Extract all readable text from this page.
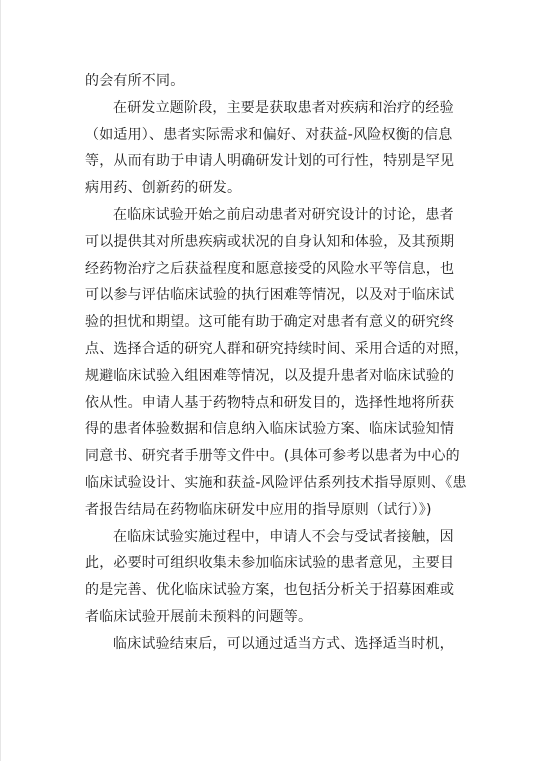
的会有所不同。

在研发立题阶段，主要是获取患者对疾病和治疗的经验
（如适用）、患者实际需求和偏好、对获益-风险权衡的信息
等，从而有助于申请人明确研发计划的可行性，特别是罕见
病用药、创新药的研发。

在临床试验开始之前启动患者对研究设计的讨论，患者
可以提供其对所患疾病或状况的自身认知和体验，及其预期
经药物治疗之后获益程度和愿意接受的风险水平等信息，也
可以参与评估临床试验的执行困难等情况，以及对于临床试
验的担忧和期望。这可能有助于确定对患者有意义的研究终
点、选择合适的研究人群和研究持续时间、采用合适的对照，
规避临床试验入组困难等情况，以及提升患者对临床试验的
依从性。申请人基于药物特点和研发目的，选择性地将所获
得的患者体验数据和信息纳入临床试验方案、临床试验知情
同意书、研究者手册等文件中。(具体可参考以患者为中心的
临床试验设计、实施和获益-风险评估系列技术指导原则、《患
者报告结局在药物临床研发中应用的指导原则（试行）》)

在临床试验实施过程中，申请人不会与受试者接触，因
此，必要时可组织收集未参加临床试验的患者意见，主要目
的是完善、优化临床试验方案，也包括分析关于招募困难或
者临床试验开展前未预料的问题等。

临床试验结束后，可以通过适当方式、选择适当时机，
